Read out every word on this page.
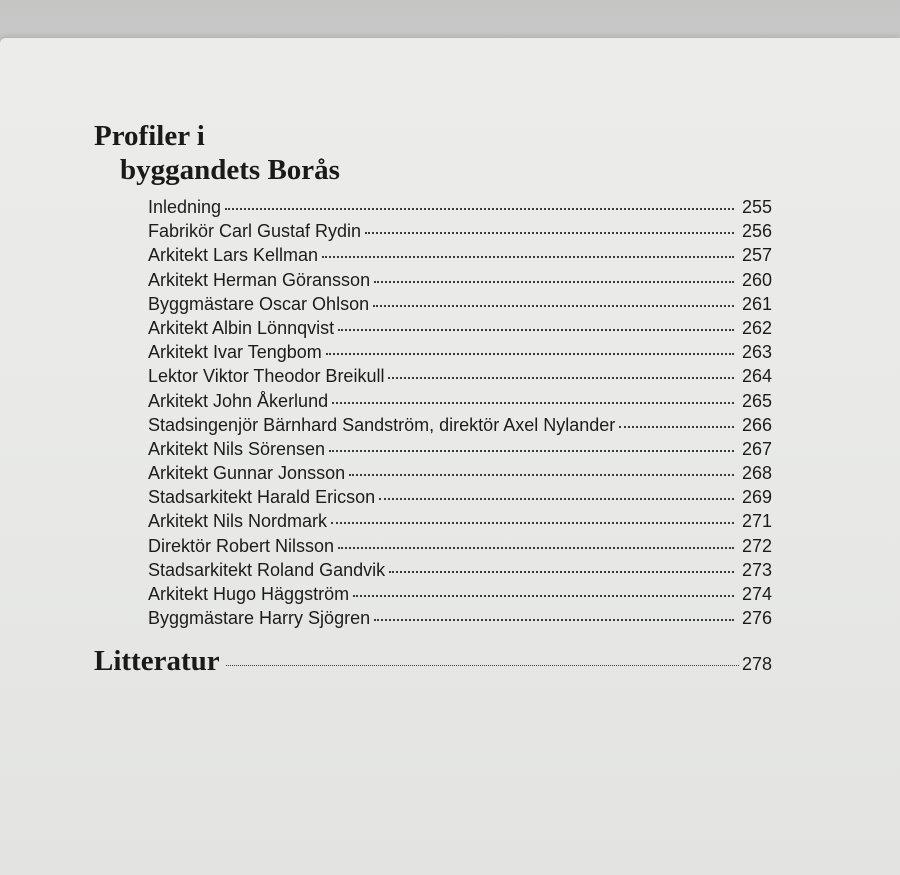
Profiler i
byggandets Borås
Inledning	255
Fabrikör Carl Gustaf Rydin	256
Arkitekt Lars Kellman	257
Arkitekt Herman Göransson	260
Byggmästare Oscar Ohlson	261
Arkitekt Albin Lönnqvist	262
Arkitekt Ivar Tengbom	263
Lektor Viktor Theodor Breikull	264
Arkitekt John Åkerlund	265
Stadsingenjör Bärnhard Sandström, direktör Axel Nylander	266
Arkitekt Nils Sörensen	267
Arkitekt Gunnar Jonsson	268
Stadsarkitekt Harald Ericson	269
Arkitekt Nils Nordmark	271
Direktör Robert Nilsson	272
Stadsarkitekt Roland Gandvik	273
Arkitekt Hugo Häggström	274
Byggmästare Harry Sjögren	276
Litteratur	278
